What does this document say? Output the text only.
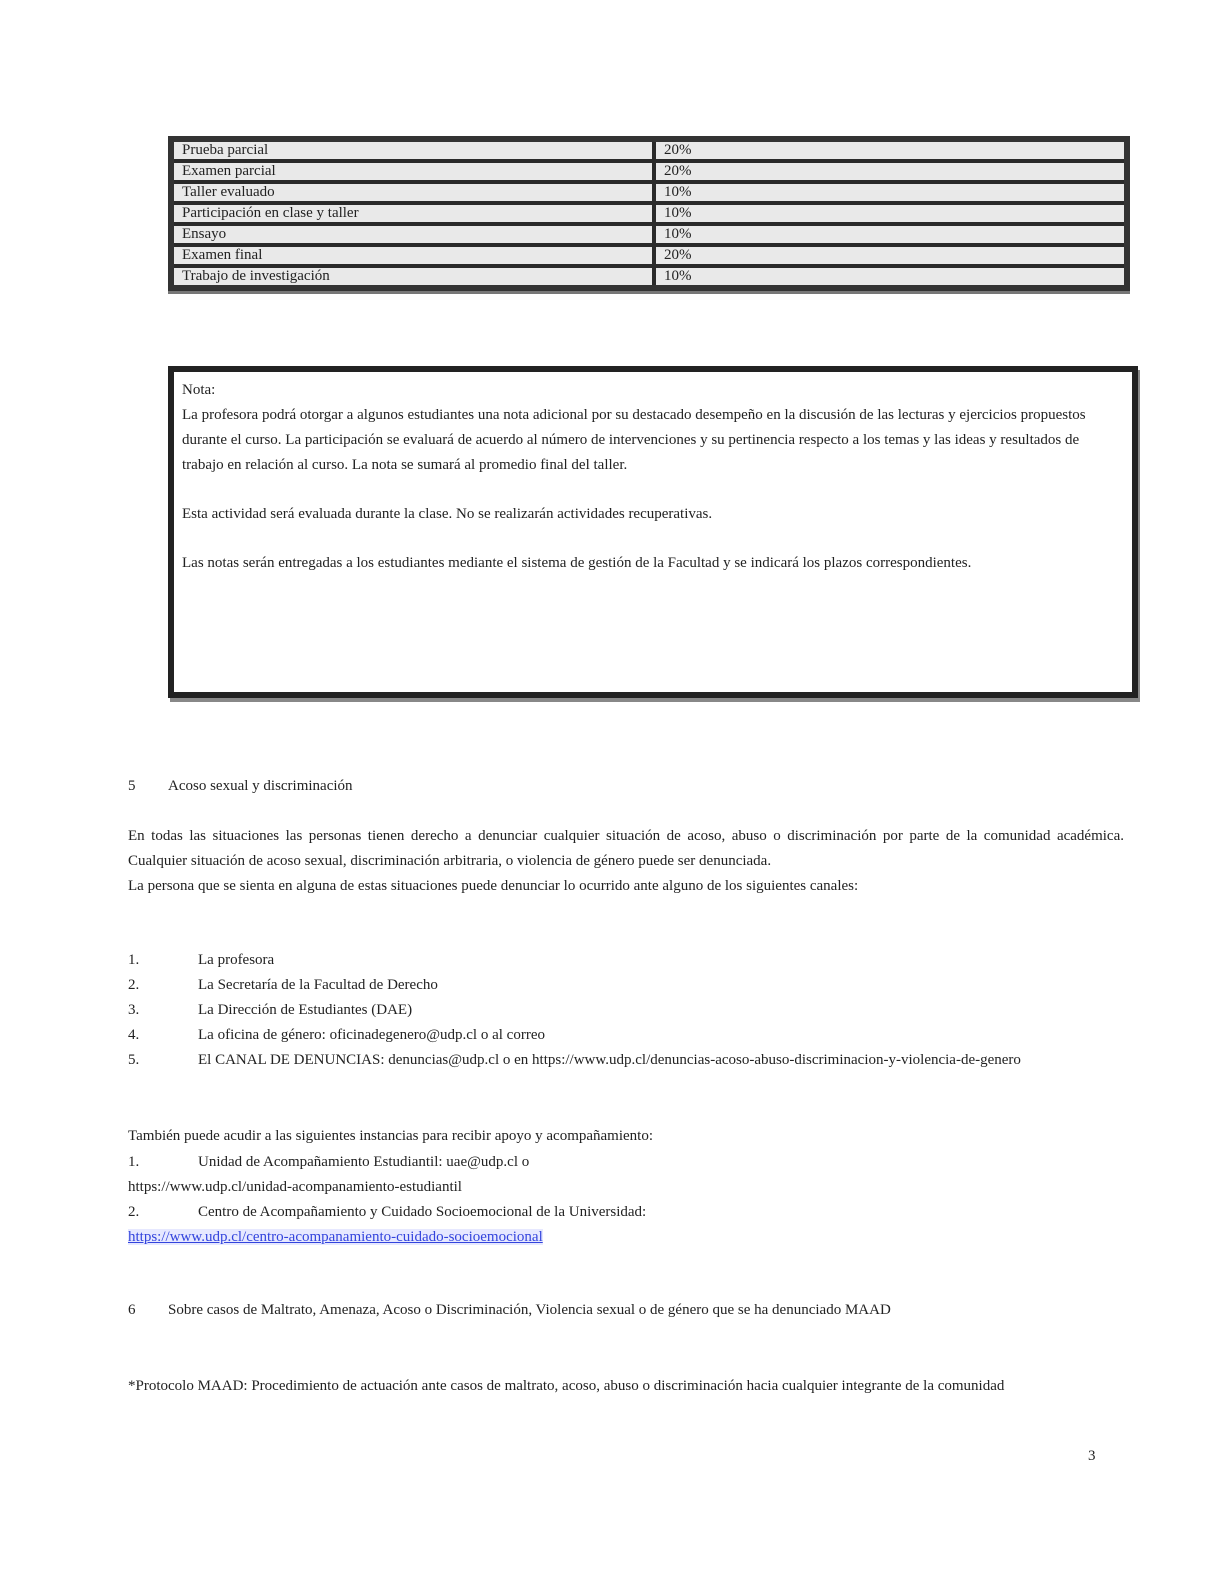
Prueba parcial	20%
Examen parcial	20%
Taller evaluado	10%
Participación en clase y taller	10%
Ensayo	10%
Examen final	20%
Trabajo de investigación	10%

Nota:

La profesora podrá otorgar a algunos estudiantes una nota adicional por su destacado desempeño en la discusión de las lecturas y ejercicios propuestos durante el curso. La participación se evaluará de acuerdo al número de intervenciones y su pertinencia respecto a los temas y las ideas y resultados de trabajo en relación al curso. La nota se sumará al promedio final del taller.

Esta actividad será evaluada durante la clase. No se realizarán actividades recuperativas.

Las notas serán entregadas a los estudiantes mediante el sistema de gestión de la Facultad y se indicará los plazos correspondientes.

5 Acoso sexual y discriminación

En todas las situaciones las personas tienen derecho a denunciar cualquier situación de acoso, abuso o discriminación por parte de la comunidad académica. Cualquier situación de acoso sexual, discriminación arbitraria, o violencia de género puede ser denunciada.

La persona que se sienta en alguna de estas situaciones puede denunciar lo ocurrido ante alguno de los siguientes canales:

1.	La profesora
2.	La Secretaría de la Facultad de Derecho
3.	La Dirección de Estudiantes (DAE)
4.	La oficina de género: oficinadegenero@udp.cl o al correo
5.	El CANAL DE DENUNCIAS: denuncias@udp.cl o en https://www.udp.cl/denuncias-acoso-abuso-discriminacion-y-violencia-de-genero

También puede acudir a las siguientes instancias para recibir apoyo y acompañamiento:

1.	Unidad de Acompañamiento Estudiantil: uae@udp.cl o
https://www.udp.cl/unidad-acompanamiento-estudiantil
2.	Centro de Acompañamiento y Cuidado Socioemocional de la Universidad:
https://www.udp.cl/centro-acompanamiento-cuidado-socioemocional
6	Sobre casos de Maltrato, Amenaza, Acoso o Discriminación, Violencia sexual o de género que se ha denunciado MAAD

*Protocolo MAAD: Procedimiento de actuación ante casos de maltrato, acoso, abuso o discriminación hacia cualquier integrante de la comunidad

3
